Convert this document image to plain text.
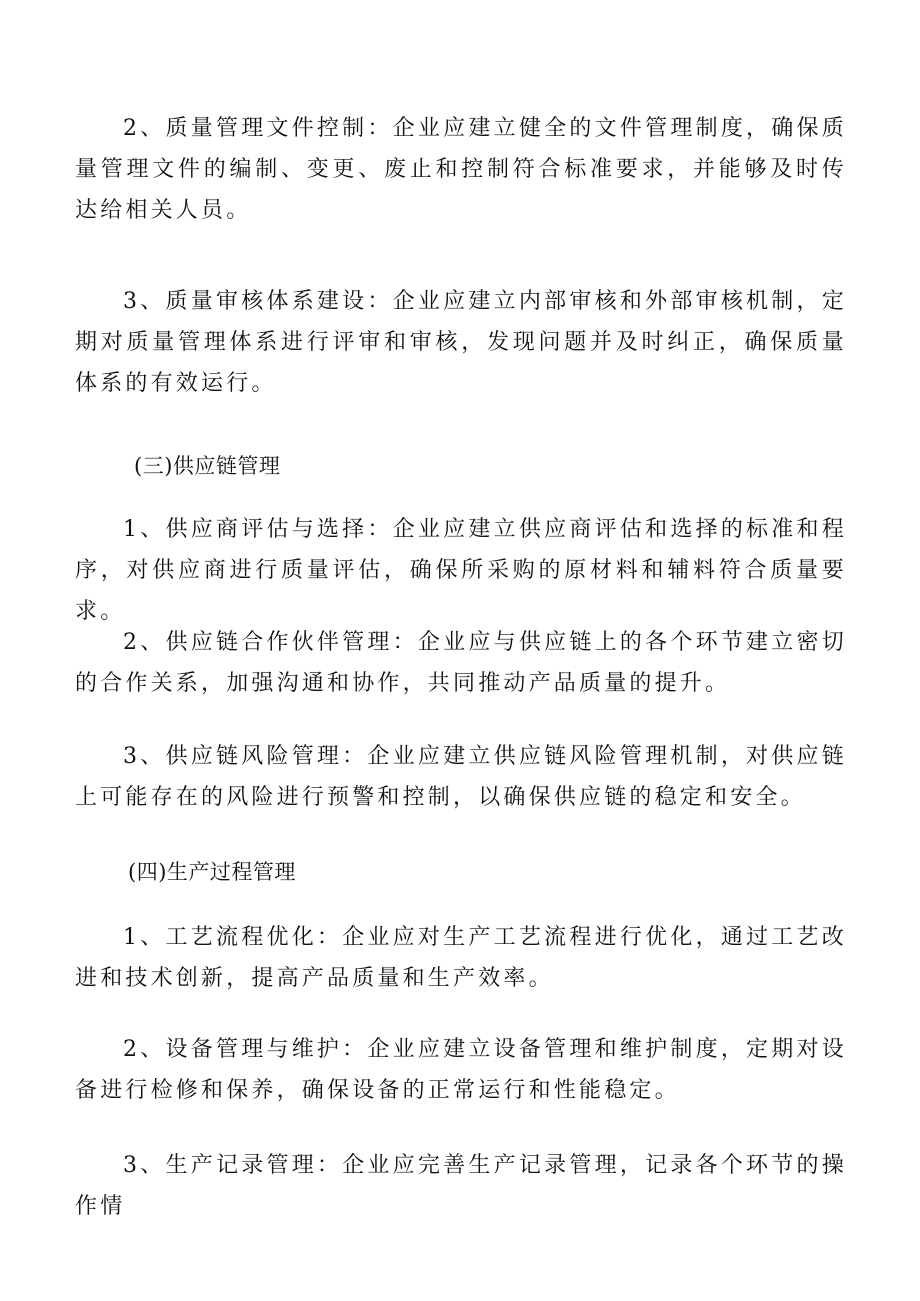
2、质量管理文件控制：企业应建立健全的文件管理制度，确保质量管理文件的编制、变更、废止和控制符合标准要求，并能够及时传达给相关人员。

3、质量审核体系建设：企业应建立内部审核和外部审核机制，定期对质量管理体系进行评审和审核，发现问题并及时纠正，确保质量体系的有效运行。

(三)供应链管理

1、供应商评估与选择：企业应建立供应商评估和选择的标准和程序，对供应商进行质量评估，确保所采购的原材料和辅料符合质量要求。

2、供应链合作伙伴管理：企业应与供应链上的各个环节建立密切的合作关系，加强沟通和协作，共同推动产品质量的提升。

3、供应链风险管理：企业应建立供应链风险管理机制，对供应链上可能存在的风险进行预警和控制，以确保供应链的稳定和安全。

(四)生产过程管理

1、工艺流程优化：企业应对生产工艺流程进行优化，通过工艺改进和技术创新，提高产品质量和生产效率。

2、设备管理与维护：企业应建立设备管理和维护制度，定期对设备进行检修和保养，确保设备的正常运行和性能稳定。

3、生产记录管理：企业应完善生产记录管理，记录各个环节的操作情
